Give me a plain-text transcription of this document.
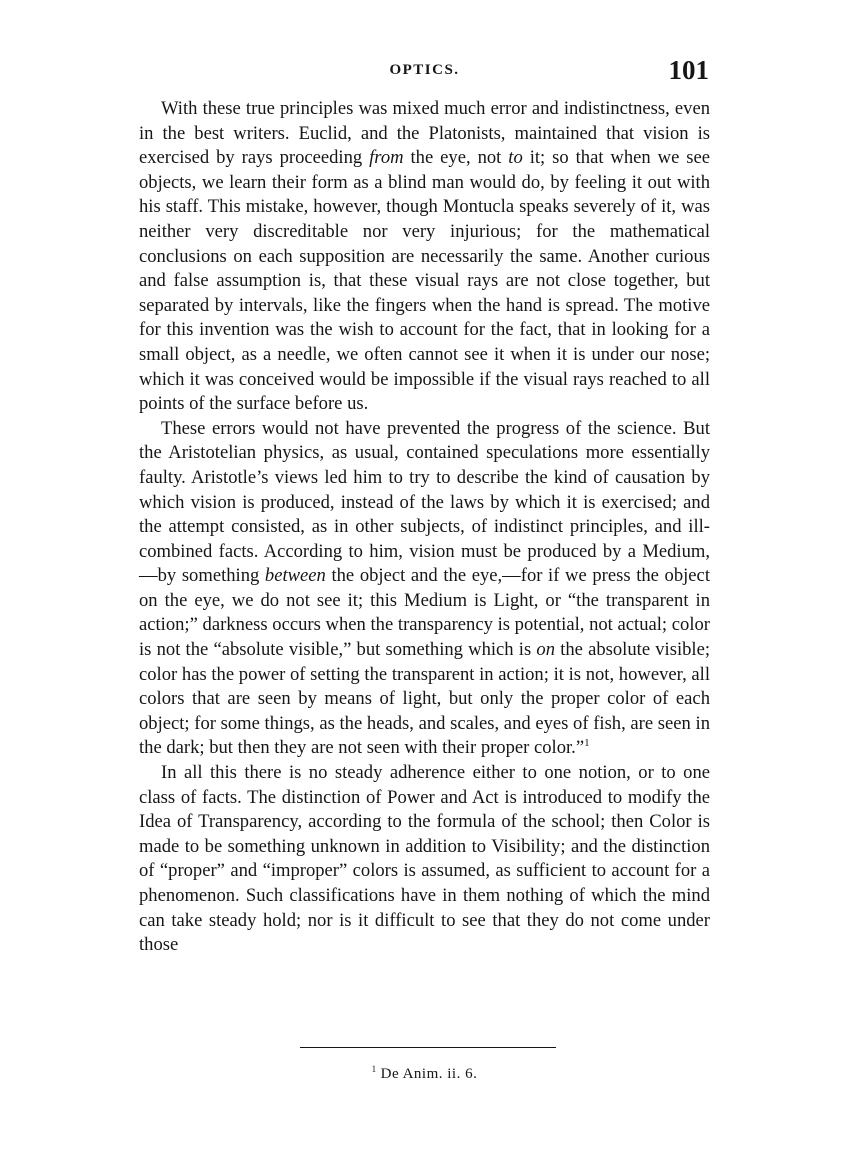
OPTICS.	101

With these true principles was mixed much error and indistinctness, even in the best writers. Euclid, and the Platonists, maintained that vision is exercised by rays proceeding from the eye, not to it; so that when we see objects, we learn their form as a blind man would do, by feeling it out with his staff. This mistake, however, though Montucla speaks severely of it, was neither very discreditable nor very injurious; for the mathematical conclusions on each supposition are necessarily the same. Another curious and false assumption is, that these visual rays are not close together, but separated by intervals, like the fingers when the hand is spread. The motive for this invention was the wish to account for the fact, that in looking for a small object, as a needle, we often cannot see it when it is under our nose; which it was conceived would be impossible if the visual rays reached to all points of the surface before us.

These errors would not have prevented the progress of the science. But the Aristotelian physics, as usual, contained speculations more essentially faulty. Aristotle’s views led him to try to describe the kind of causation by which vision is produced, instead of the laws by which it is exercised; and the attempt consisted, as in other subjects, of indistinct principles, and ill-combined facts. According to him, vision must be produced by a Medium,—by something between the object and the eye,—for if we press the object on the eye, we do not see it; this Medium is Light, or “the transparent in action;” darkness occurs when the transparency is potential, not actual; color is not the “absolute visible,” but something which is on the absolute visible; color has the power of setting the transparent in action; it is not, however, all colors that are seen by means of light, but only the proper color of each object; for some things, as the heads, and scales, and eyes of fish, are seen in the dark; but then they are not seen with their proper color.”$^1$

In all this there is no steady adherence either to one notion, or to one class of facts. The distinction of Power and Act is introduced to modify the Idea of Transparency, according to the formula of the school; then Color is made to be something unknown in addition to Visibility; and the distinction of “proper” and “improper” colors is assumed, as sufficient to account for a phenomenon. Such classifications have in them nothing of which the mind can take steady hold; nor is it difficult to see that they do not come under those

$^1$ De Anim. ii. 6.
